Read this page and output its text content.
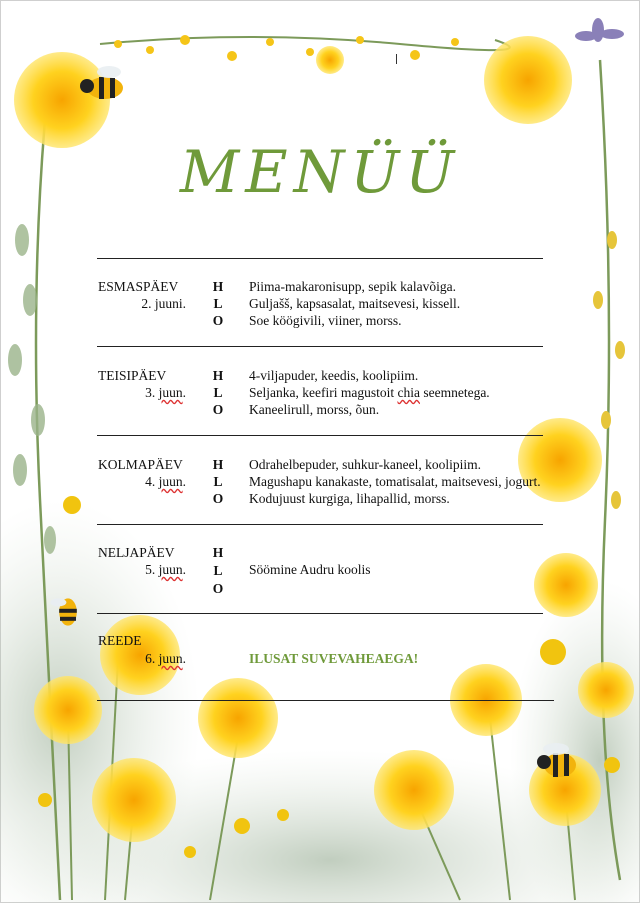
MENÜÜ
ESMASPÄEV
2. juuni.
H
L
O
Piima-makaronisupp, sepik kalavõiga.
Guljašš, kapsasalat, maitsevesi, kissell.
Soe köögivili, viiner, morss.
TEISIPÄEV
3. juun.
H
L
O
4-viljapuder, keedis, koolipiim.
Seljanka, keefiri magustoit chia seemnetega.
Kaneelirull, morss, õun.
KOLMAPÄEV
4. juun.
H
L
O
Odrahelbepuder, suhkur-kaneel, koolipiim.
Magushapu kanakaste, tomatisalat, maitsevesi, jogurt.
Kodujuust kurgiga, lihapallid, morss.
NELJAPÄEV
5. juun.
H
L
O
Söömine Audru koolis
REEDE
6. juun.	ILUSAT SUVEVAHEAEGA!
